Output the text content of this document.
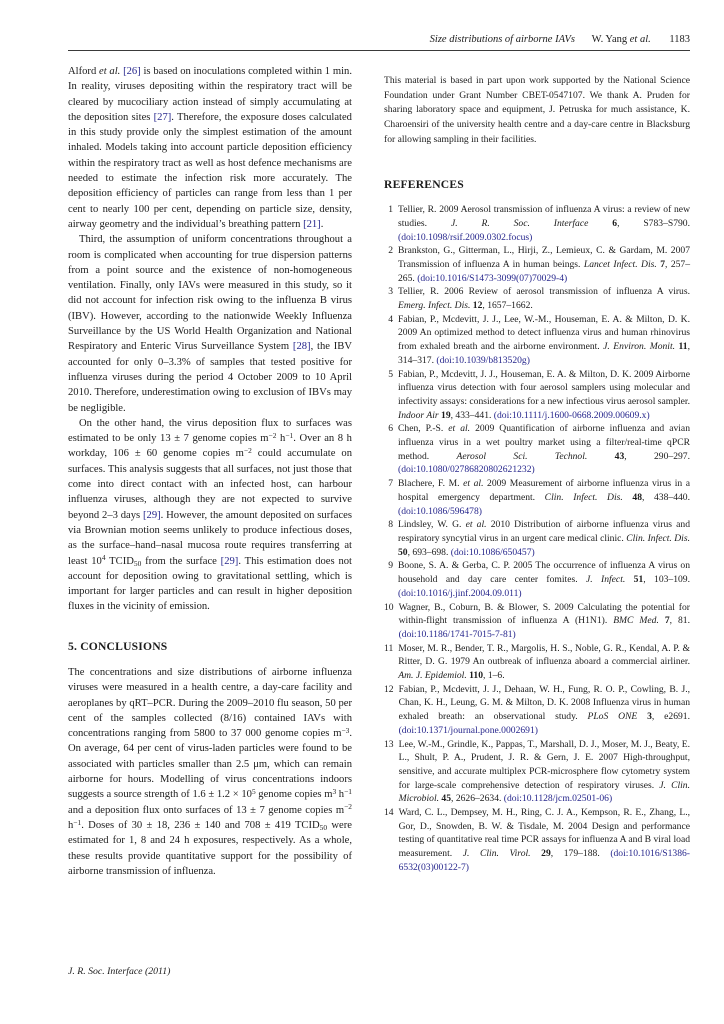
Size distributions of airborne IAVs W. Yang et al. 1183

Alford et al. [26] is based on inoculations completed within 1 min. In reality, viruses depositing within the respiratory tract will be cleared by mucociliary action instead of simply accumulating at the deposition sites [27]. Therefore, the exposure doses calculated in this study provide only the simplest estimation of the amount inhaled. Models taking into account particle deposition efficiency within the respiratory tract as well as host defence mechanisms are needed to estimate the infection risk more accurately. The deposition efficiency of particles can range from less than 1 per cent to nearly 100 per cent, depending on particle size, density, airway geometry and the individual’s breathing pattern [21].

Third, the assumption of uniform concentrations throughout a room is complicated when accounting for true dispersion patterns from a point source and the existence of non-homogeneous ventilation. Finally, only IAVs were measured in this study, so it did not account for infection risk owing to the influenza B virus (IBV). However, according to the nationwide Weekly Influenza Surveillance by the US World Health Organization and National Respiratory and Enteric Virus Surveillance System [28], the IBV accounted for only 0–3.3% of samples that tested positive for influenza viruses during the period 4 October 2009 to 10 April 2010. Therefore, underestimation owing to exclusion of IBVs may be negligible.

On the other hand, the virus deposition flux to surfaces was estimated to be only 13 ± 7 genome copies $m^{-2}$ $h^{-1}$. Over an 8 h workday, 106 ± 60 genome copies $m^{-2}$ could accumulate on surfaces. This analysis suggests that all surfaces, not just those that come into direct contact with an infected host, can harbour influenza viruses, although they are not expected to survive beyond 2–3 days [29]. However, the amount deposited on surfaces via Brownian motion seems unlikely to produce infectious doses, as the surface–hand–nasal mucosa route requires transferring at least $10^4$ TCID50 from the surface [29]. This estimation does not account for deposition owing to gravitational settling, which is important for larger particles and can result in higher deposition fluxes in the vicinity of emission.

5. CONCLUSIONS

The concentrations and size distributions of airborne influenza viruses were measured in a health centre, a day-care facility and aeroplanes by qRT–PCR. During the 2009–2010 flu season, 50 per cent of the samples collected (8/16) contained IAVs with concentrations ranging from 5800 to 37 000 genome copies $m^{-3}$. On average, 64 per cent of virus-laden particles were found to be associated with particles smaller than 2.5 μm, which can remain airborne for hours. Modelling of virus concentrations indoors suggests a source strength of $1.6 \pm 1.2 \times 10^5$ genome copies $m^3$ $h^{-1}$ and a deposition flux onto surfaces of 13 ± 7 genome copies $m^{-2}$ $h^{-1}$. Doses of 30 ± 18, 236 ± 140 and 708 ± 419 TCID50 were estimated for 1, 8 and 24 h exposures, respectively. As a whole, these results provide quantitative support for the possibility of airborne transmission of influenza.

This material is based in part upon work supported by the National Science Foundation under Grant Number CBET-0547107. We thank A. Pruden for sharing laboratory space and equipment, J. Petruska for much assistance, K. Charoensiri of the university health centre and a day-care centre in Blacksburg for allowing sampling in their facilities.

REFERENCES
1 Tellier, R. 2009 Aerosol transmission of influenza A virus: a review of new studies. J. R. Soc. Interface 6, S783–S790. (doi:10.1098/rsif.2009.0302.focus)
2 Brankston, G., Gitterman, L., Hirji, Z., Lemieux, C. & Gardam, M. 2007 Transmission of influenza A in human beings. Lancet Infect. Dis. 7, 257–265. (doi:10.1016/S1473-3099(07)70029-4)
3 Tellier, R. 2006 Review of aerosol transmission of influenza A virus. Emerg. Infect. Dis. 12, 1657–1662.
4 Fabian, P., Mcdevitt, J. J., Lee, W.-M., Houseman, E. A. & Milton, D. K. 2009 An optimized method to detect influenza virus and human rhinovirus from exhaled breath and the airborne environment. J. Environ. Monit. 11, 314–317. (doi:10.1039/b813520g)
5 Fabian, P., Mcdevitt, J. J., Houseman, E. A. & Milton, D. K. 2009 Airborne influenza virus detection with four aerosol samplers using molecular and infectivity assays: considerations for a new infectious virus aerosol sampler. Indoor Air 19, 433–441. (doi:10.1111/j.1600-0668.2009.00609.x)
6 Chen, P.-S. et al. 2009 Quantification of airborne influenza and avian influenza virus in a wet poultry market using a filter/real-time qPCR method. Aerosol Sci. Technol.	43, 290–297. (doi:10.1080/02786820802621232)
7 Blachere, F. M. et al. 2009 Measurement of airborne influenza virus in a hospital emergency department. Clin. Infect. Dis. 48, 438–440. (doi:10.1086/596478)
8 Lindsley, W. G. et al. 2010 Distribution of airborne influenza virus and respiratory syncytial virus in an urgent care medical clinic. Clin. Infect. Dis. 50, 693–698. (doi:10.1086/650457)
9 Boone, S. A. & Gerba, C. P. 2005 The occurrence of influenza A virus on household and day care center fomites. J. Infect. 51, 103–109. (doi:10.1016/j.jinf.2004.09.011)
10 Wagner, B., Coburn, B. & Blower, S. 2009 Calculating the potential for within-flight transmission of influenza A (H1N1). BMC Med. 7, 81. (doi:10.1186/1741-7015-7-81)
11 Moser, M. R., Bender, T. R., Margolis, H. S., Noble, G. R., Kendal, A. P. & Ritter, D. G. 1979 An outbreak of influenza aboard a commercial airliner. Am. J. Epidemiol. 110, 1–6.
12 Fabian, P., Mcdevitt, J. J., Dehaan, W. H., Fung, R. O. P., Cowling, B. J., Chan, K. H., Leung, G. M. & Milton, D. K. 2008 Influenza virus in human exhaled breath: an observational study. PLoS ONE 3, e2691. (doi:10.1371/journal.pone.0002691)
13 Lee, W.-M., Grindle, K., Pappas, T., Marshall, D. J., Moser, M. J., Beaty, E. L., Shult, P. A., Prudent, J. R. & Gern, J. E. 2007 High-throughput, sensitive, and accurate multiplex PCR-microsphere flow cytometry system for large-scale comprehensive detection of respiratory viruses. J. Clin. Microbiol. 45, 2626–2634. (doi:10.1128/jcm.02501-06)
14 Ward, C. L., Dempsey, M. H., Ring, C. J. A., Kempson, R. E., Zhang, L., Gor, D., Snowden, B. W. & Tisdale, M. 2004 Design and performance testing of quantitative real time PCR assays for influenza A and B viral load measurement. J. Clin. Virol. 29, 179–188. (doi:10.1016/S1386-6532(03)00122-7)
J. R. Soc. Interface (2011)
